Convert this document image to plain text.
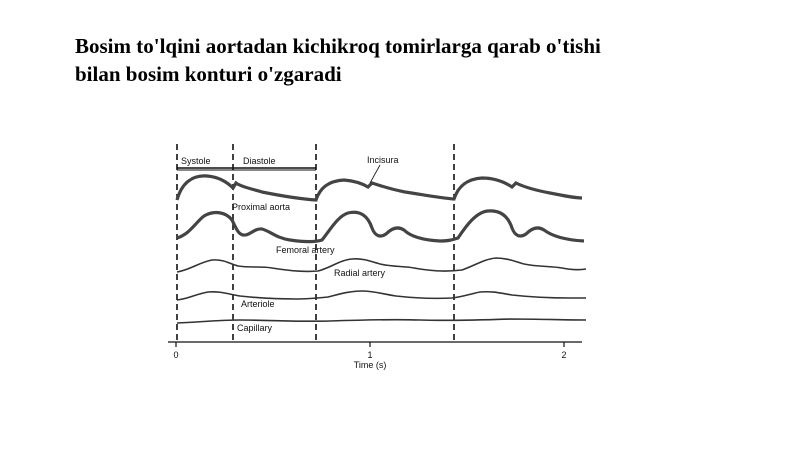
Bosim to'lqini aortadan kichikroq tomirlarga qarab o'tishi
bilan bosim konturi o'zgaradi
Systole	Diastole
Proximal aorta
Incisura
Femoral artery
Radial artery
Arteriole
Capillary
0	1	2
Time (s)
